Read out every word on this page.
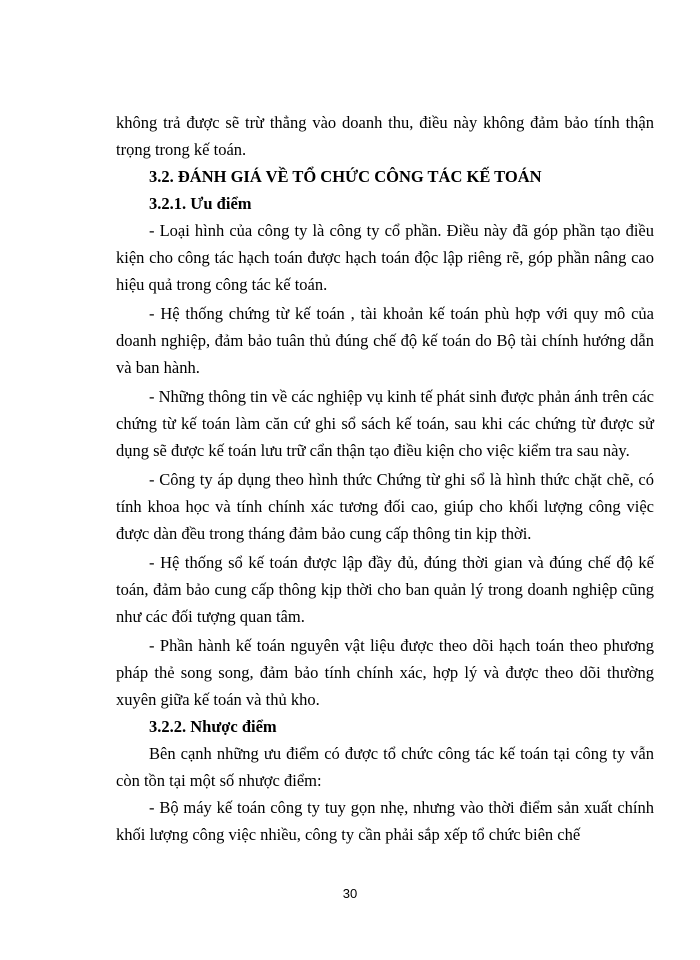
không trả được sẽ trừ thẳng vào doanh thu, điều này không đảm bảo tính thận trọng trong kế toán.

3.2. ĐÁNH GIÁ VỀ TỔ CHỨC CÔNG TÁC KẾ TOÁN

3.2.1. Ưu điểm

- Loại hình của công ty là công ty cổ phần. Điều này đã góp phần tạo điều kiện cho công tác hạch toán được hạch toán độc lập riêng rẽ, góp phần nâng cao hiệu quả trong công tác kế toán.

- Hệ thống chứng từ kế toán , tài khoản kế toán phù hợp với quy mô của doanh nghiệp, đảm bảo tuân thủ đúng chế độ kế toán do Bộ tài chính hướng dẫn và ban hành.

- Những thông tin về các nghiệp vụ kinh tế phát sinh được phản ánh trên các chứng từ kế toán làm căn cứ ghi sổ sách kế toán, sau khi các chứng từ được sử dụng sẽ được kế toán lưu trữ cẩn thận tạo điều kiện cho việc kiểm tra sau này.

- Công ty áp dụng theo hình thức Chứng từ ghi sổ là hình thức chặt chẽ, có tính khoa học và tính chính xác tương đối cao, giúp cho khối lượng công việc được dàn đều trong tháng đảm bảo cung cấp thông tin kịp thời.

- Hệ thống sổ kế toán được lập đầy đủ, đúng thời gian và đúng chế độ kế toán, đảm bảo cung cấp thông kịp thời cho ban quản lý trong doanh nghiệp cũng như các đối tượng quan tâm.

- Phần hành kế toán nguyên vật liệu được theo dõi hạch toán theo phương pháp thẻ song song, đảm bảo tính chính xác, hợp lý và được theo dõi thường xuyên giữa kế toán và thủ kho.

3.2.2. Nhược điểm

Bên cạnh những ưu điểm có được tổ chức công tác kế toán tại công ty vẫn còn tồn tại một số nhược điểm:

- Bộ máy kế toán công ty tuy gọn nhẹ, nhưng vào thời điểm sản xuất chính khối lượng công việc nhiều, công ty cần phải sắp xếp tổ chức biên chế

30
